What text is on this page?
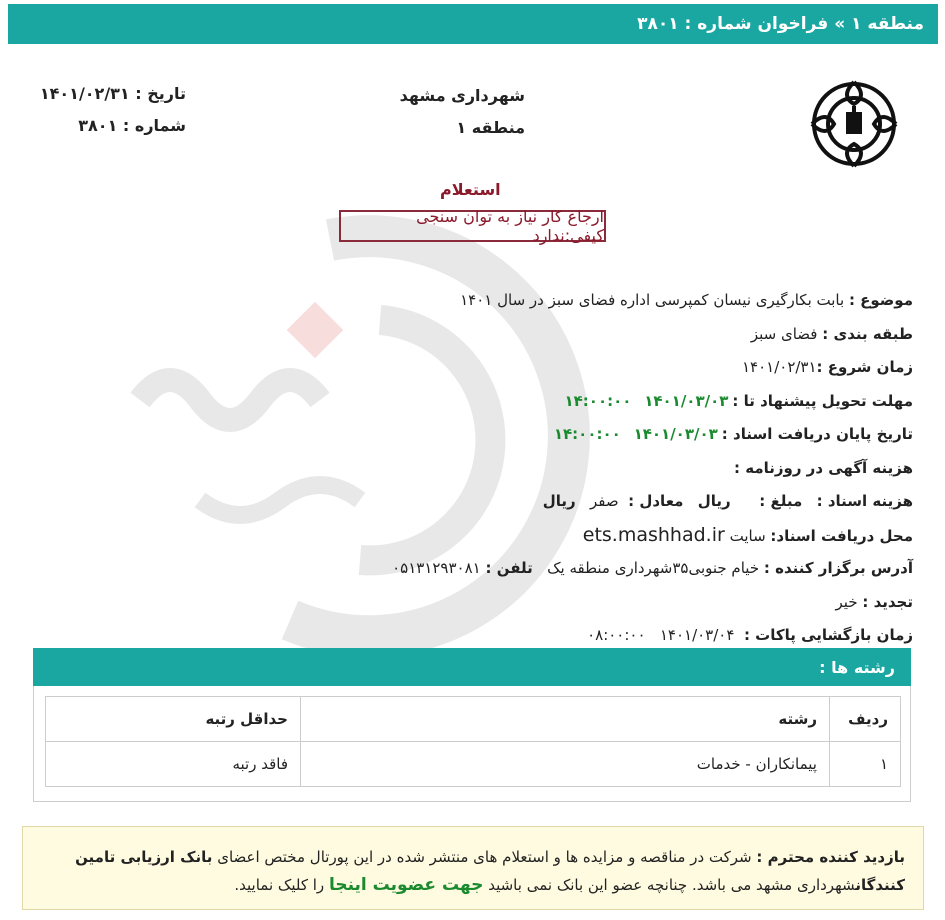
منطقه ۱ » فراخوان شماره : ۳۸۰۱
شهرداری مشهد
منطقه ۱
تاریخ : ۱۴۰۱/۰۲/۳۱
شماره : ۳۸۰۱
استعلام
ارجاع کار نیاز به توان سنجی کیفی:ندارد
موضوع : بابت بکارگیری نیسان کمپرسی اداره فضای سبز در سال ۱۴۰۱
طبقه بندی : فضای سبز
زمان شروع :۱۴۰۱/۰۲/۳۱
مهلت تحویل پیشنهاد تا :۱۴۰۱/۰۳/۰۳ ۱۴:۰۰:۰۰
تاریخ پایان دریافت اسناد :۱۴۰۱/۰۳/۰۳ ۱۴:۰۰:۰۰
هزینه آگهی در روزنامه :
هزینه اسناد :   مبلغ :      ریال   معادل :  صفر   ریال
محل دریافت اسناد: سایت ets.mashhad.ir
آدرس برگزار کننده : خیام جنوبی۳۵شهرداری منطقه یک   تلفن : ۰۵۱۳۱۲۹۳۰۸۱
تجدید : خیر
زمان بازگشایی پاکات :  ۱۴۰۱/۰۳/۰۴   ۰۸:۰۰:۰۰
رشته ها :
ردیف	رشته	حداقل رتبه
۱	پیمانکاران - خدمات	فاقد رتبه
بازدید کننده محترم : شرکت در مناقصه و مزایده ها و استعلام های منتشر شده در این پورتال مختص اعضای بانک ارزیابی تامین کنندگانشهرداری مشهد می باشد. چنانچه عضو این بانک نمی باشید جهت عضویت اینجا را کلیک نمایید.
